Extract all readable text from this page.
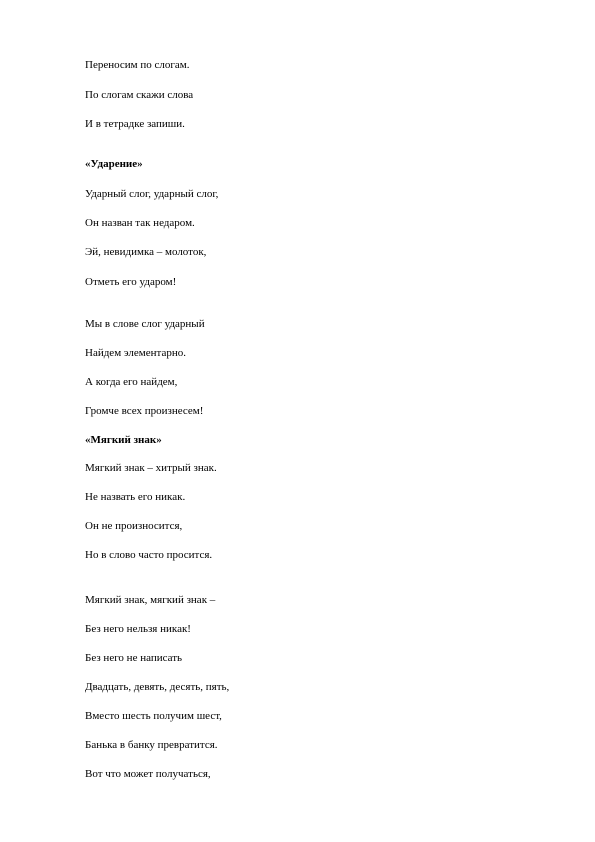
Переносим по слогам.
По слогам скажи слова
И в тетрадке запиши.
«Ударение»
Ударный слог, ударный слог,
Он назван так недаром.
Эй, невидимка – молоток,
Отметь его ударом!
Мы в слове слог ударный
Найдем элементарно.
А когда его найдем,
Громче всех произнесем!
«Мягкий знак»
Мягкий знак – хитрый знак.
Не назвать его никак.
Он не произносится,
Но в слово часто просится.
Мягкий знак, мягкий знак –
Без него нельзя никак!
Без него не написать
Двадцать, девять, десять, пять,
Вместо шесть получим шест,
Банька в банку превратится.
Вот что может получаться,
